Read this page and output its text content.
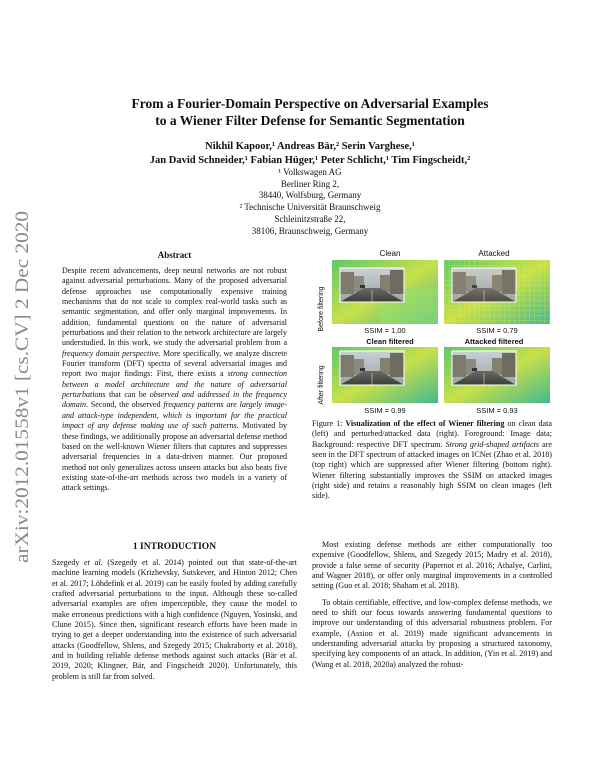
arXiv:2012.01558v1 [cs.CV] 2 Dec 2020
From a Fourier-Domain Perspective on Adversarial Examples
to a Wiener Filter Defense for Semantic Segmentation
Nikhil Kapoor,¹ Andreas Bär,² Serin Varghese,¹
Jan David Schneider,¹ Fabian Hüger,¹ Peter Schlicht,¹ Tim Fingscheidt,²
¹ Volkswagen AG
Berliner Ring 2,
38440, Wolfsburg, Germany
² Technische Universität Braunschweig
Schleinitzstraße 22,
38106, Braunschweig, Germany
Abstract

Despite recent advancements, deep neural networks are not robust against adversarial perturbations. Many of the proposed adversarial defense approaches use computationally expensive training mechanisms that do not scale to complex real-world tasks such as semantic segmentation, and offer only marginal improvements. In addition, fundamental questions on the nature of adversarial perturbations and their relation to the network architecture are largely understudied. In this work, we study the adversarial problem from a frequency domain perspective. More specifically, we analyze discrete Fourier transform (DFT) spectra of several adversarial images and report two major findings: First, there exists a strong connection between a model architecture and the nature of adversarial perturbations that can be observed and addressed in the frequency domain. Second, the observed frequency patterns are largely image- and attack-type independent, which is important for the practical impact of any defense making use of such patterns. Motivated by these findings, we additionally propose an adversarial defense method based on the well-known Wiener filters that captures and suppresses adversarial frequencies in a data-driven manner. Our proposed method not only generalizes across unseen attacks but also beats five existing state-of-the-art methods across two models in a variety of attack settings.

1 INTRODUCTION

Szegedy et al. (Szegedy et al. 2014) pointed out that state-of-the-art machine learning models (Krizhevsky, Sutskever, and Hinton 2012; Chen et al. 2017; Löhdefink et al. 2019) can be easily fooled by adding carefully crafted adversarial perturbations to the input. Although these so-called adversarial examples are often imperceptible, they cause the model to make erroneous predictions with a high confidence (Nguyen, Yosinski, and Clune 2015). Since then, significant research efforts have been made in trying to get a deeper understanding into the existence of such adversarial attacks (Goodfellow, Shlens, and Szegedy 2015; Chakraborty et al. 2018), and in building reliable defense methods against such attacks (Bär et al. 2019, 2020; Klingner, Bär, and Fingscheidt 2020). Unfortunately, this problem is still far from solved.

Clean	Attacked
Before filtering	SSIM = 1.00	SSIM = 0.79
Clean filtered	Attacked filtered
After filtering
SSIM = 0.99	SSIM = 0.93

Figure 1: Visualization of the effect of Wiener filtering on clean data (left) and perturbed/attacked data (right). Foreground: Image data; Background: respective DFT spectrum. Strong grid-shaped artifacts are seen in the DFT spectrum of attacked images on ICNet (Zhao et al. 2018) (top right) which are suppressed after Wiener filtering (bottom right). Wiener filtering substantially improves the SSIM on attacked images (right side) and retains a reasonably high SSIM on clean images (left side).

Most existing defense methods are either computationally too expensive (Goodfellow, Shlens, and Szegedy 2015; Madry et al. 2018), provide a false sense of security (Papernot et al. 2016; Athalye, Carlini, and Wagner 2018), or offer only marginal improvements in a controlled setting (Guo et al. 2018; Shaham et al. 2018).

To obtain certifiable, effective, and low-complex defense methods, we need to shift our focus towards answering fundamental questions to improve our understanding of this adversarial robustness problem. For example, (Assion et al. 2019) made significant advancements in understanding adversarial attacks by proposing a structured taxonomy, specifying key components of an attack. In addition, (Yin et al. 2019) and (Wang et al. 2018, 2020a) analyzed the robust-
